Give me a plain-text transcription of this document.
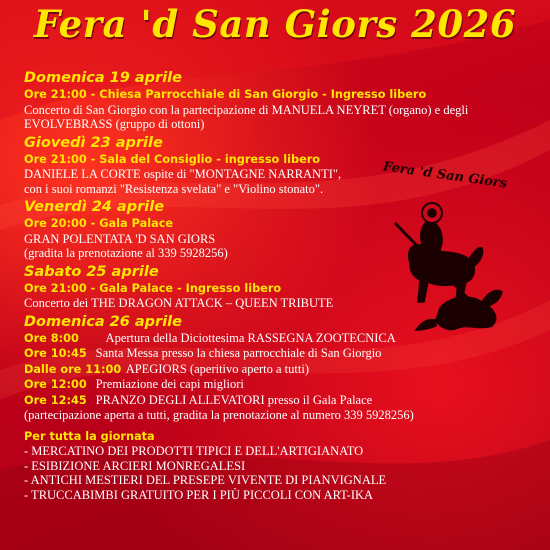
Fera 'd San Giors 2026
Domenica 19 aprile
Ore 21:00 - Chiesa Parrocchiale di San Giorgio - Ingresso libero
Concerto di San Giorgio con la partecipazione di MANUELA NEYRET (organo) e degli
EVOLVEBRASS (gruppo di ottoni)
Giovedì 23 aprile
Ore 21:00 - Sala del Consiglio - ingresso libero
DANIELE LA CORTE ospite di "MONTAGNE NARRANTI",
con i suoi romanzi "Resistenza svelata" e "Violino stonato".
Venerdì 24 aprile
Ore 20:00 - Gala Palace
GRAN POLENTATA 'D SAN GIORS
(gradita la prenotazione al 339 5928256)
Sabato 25 aprile
Ore 21:00 - Gala Palace - Ingresso libero
Concerto dei THE DRAGON ATTACK – QUEEN TRIBUTE
Domenica 26 aprile
Ore 8:00 Apertura della Diciottesima RASSEGNA ZOOTECNICA
Ore 10:45 Santa Messa presso la chiesa parrocchiale di San Giorgio
Dalle ore 11:00 APEGIORS (aperitivo aperto a tutti)
Ore 12:00 Premiazione dei capi migliori
Ore 12:45 PRANZO DEGLI ALLEVATORI presso il Gala Palace
(partecipazione aperta a tutti, gradita la prenotazione al numero 339 5928256)
Per tutta la giornata
- MERCATINO DEI PRODOTTI TIPICI E DELL'ARTIGIANATO
- ESIBIZIONE ARCIERI MONREGALESI
- ANTICHI MESTIERI DEL PRESEPE VIVENTE DI PIANVIGNALE
- TRUCCABIMBI GRATUITO PER I PIÙ PICCOLI CON ART-IKA
Fera 'd San Giors
